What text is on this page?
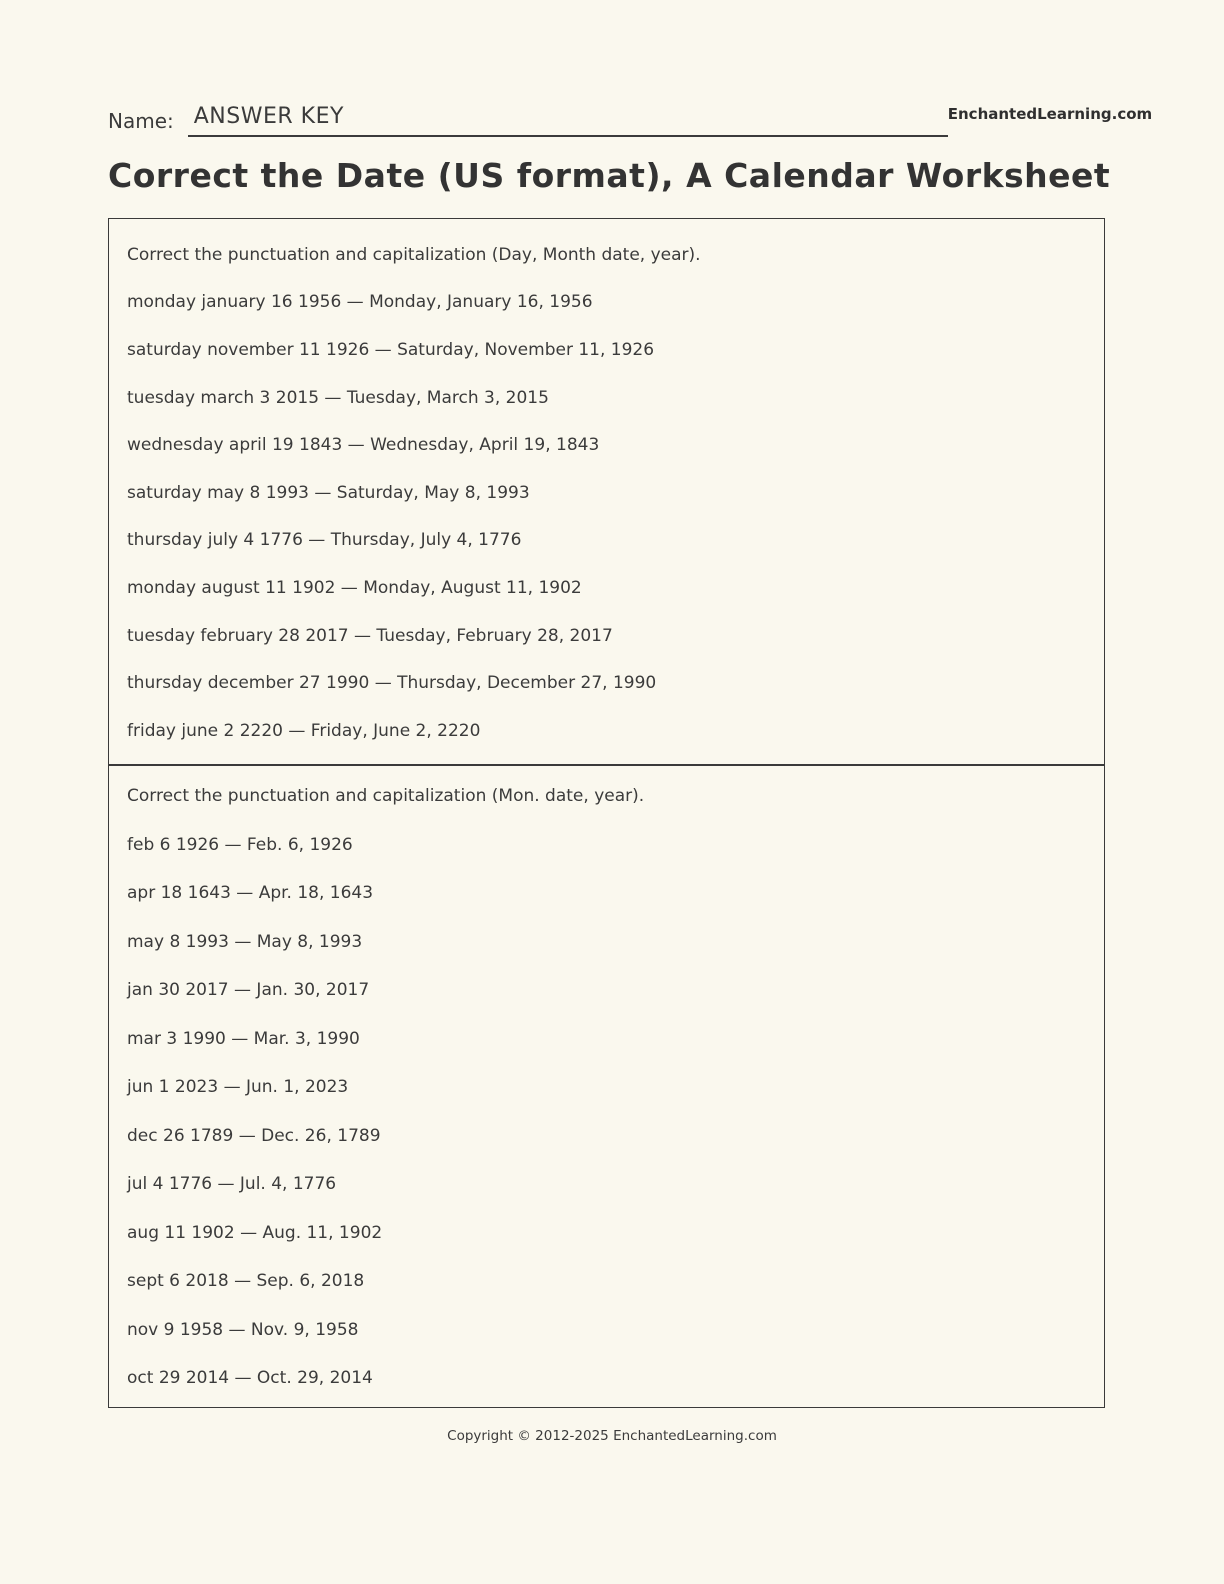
Name: ANSWER KEY	EnchantedLearning.com
Correct the Date (US format), A Calendar Worksheet
Correct the punctuation and capitalization (Day, Month date, year).
monday january 16 1956 — Monday, January 16, 1956
saturday november 11 1926 — Saturday, November 11, 1926
tuesday march 3 2015 — Tuesday, March 3, 2015
wednesday april 19 1843 — Wednesday, April 19, 1843
saturday may 8 1993 — Saturday, May 8, 1993
thursday july 4 1776 — Thursday, July 4, 1776
monday august 11 1902 — Monday, August 11, 1902
tuesday february 28 2017 — Tuesday, February 28, 2017
thursday december 27 1990 — Thursday, December 27, 1990
friday june 2 2220 — Friday, June 2, 2220
Correct the punctuation and capitalization (Mon. date, year).
feb 6 1926 — Feb. 6, 1926
apr 18 1643 — Apr. 18, 1643
may 8 1993 — May 8, 1993
jan 30 2017 — Jan. 30, 2017
mar 3 1990 — Mar. 3, 1990
jun 1 2023 — Jun. 1, 2023
dec 26 1789 — Dec. 26, 1789
jul 4 1776 — Jul. 4, 1776
aug 11 1902 — Aug. 11, 1902
sept 6 2018 — Sep. 6, 2018
nov 9 1958 — Nov. 9, 1958
oct 29 2014 — Oct. 29, 2014
Copyright © 2012-2025 EnchantedLearning.com
